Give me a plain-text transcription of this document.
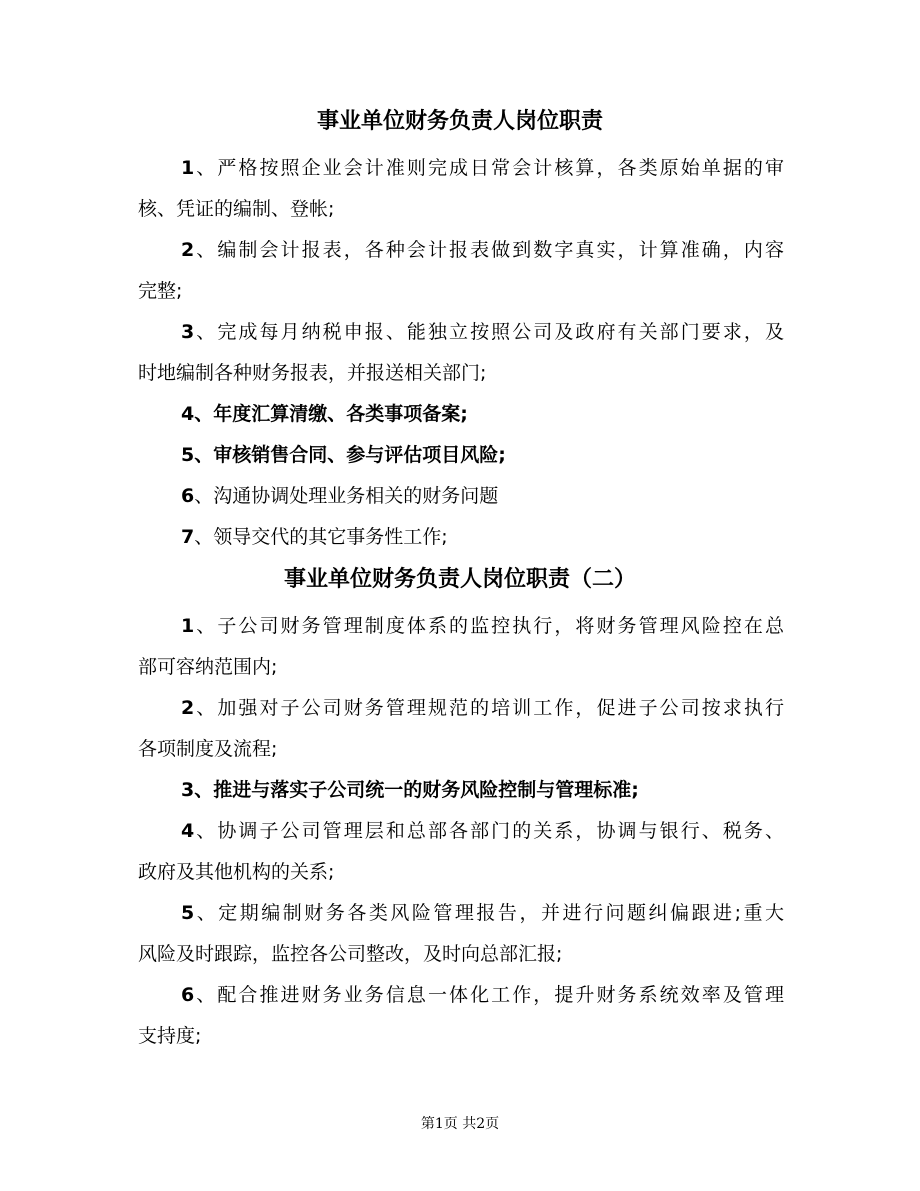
事业单位财务负责人岗位职责
1、严格按照企业会计准则完成日常会计核算，各类原始单据的审
核、凭证的编制、登帐;
2、编制会计报表，各种会计报表做到数字真实，计算准确，内容
完整;
3、完成每月纳税申报、能独立按照公司及政府有关部门要求，及
时地编制各种财务报表，并报送相关部门;
4、年度汇算清缴、各类事项备案;
5、审核销售合同、参与评估项目风险;
6、沟通协调处理业务相关的财务问题
7、领导交代的其它事务性工作;
事业单位财务负责人岗位职责（二）
1、子公司财务管理制度体系的监控执行，将财务管理风险控在总
部可容纳范围内;
2、加强对子公司财务管理规范的培训工作，促进子公司按求执行
各项制度及流程;
3、推进与落实子公司统一的财务风险控制与管理标准;
4、协调子公司管理层和总部各部门的关系，协调与银行、税务、
政府及其他机构的关系;
5、定期编制财务各类风险管理报告，并进行问题纠偏跟进;重大
风险及时跟踪，监控各公司整改，及时向总部汇报;
6、配合推进财务业务信息一体化工作，提升财务系统效率及管理
支持度;
第1页 共2页
